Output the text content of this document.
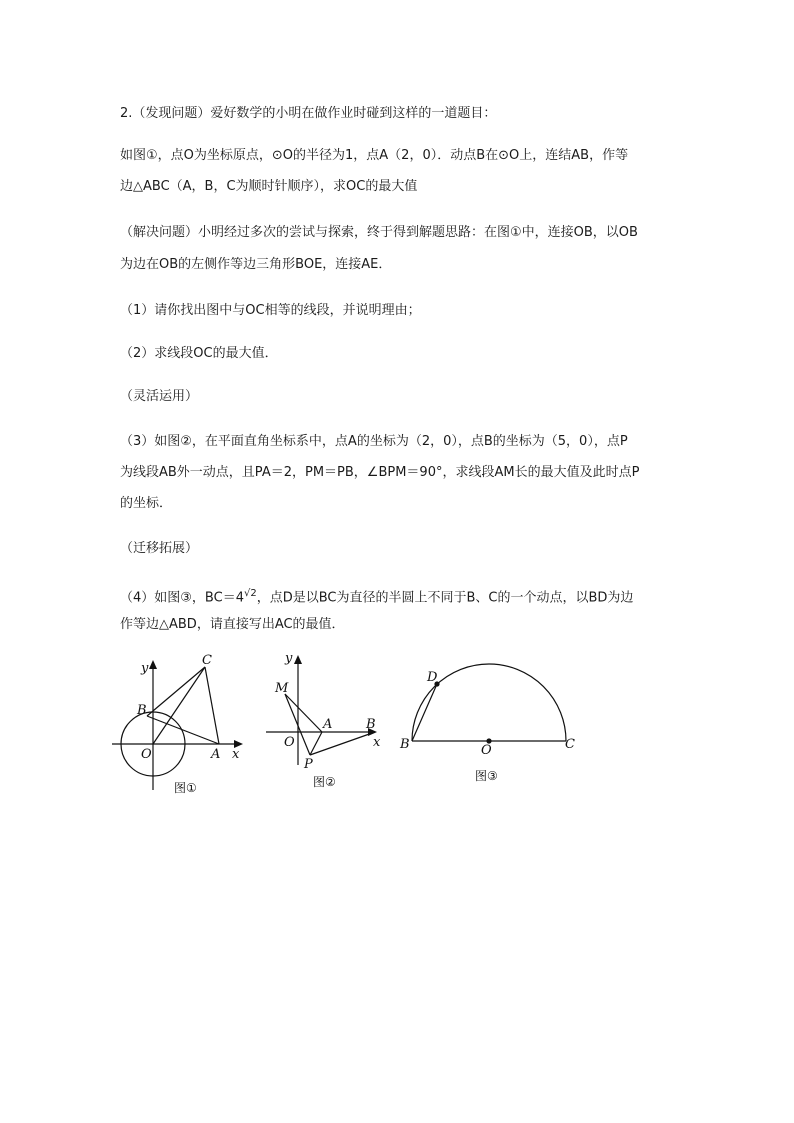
2.（发现问题）爱好数学的小明在做作业时碰到这样的一道题目：
如图①，点O为坐标原点，⊙O的半径为1，点A（2，0）．动点B在⊙O上，连结AB，作等
边△ABC（A，B，C为顺时针顺序），求OC的最大值
（解决问题）小明经过多次的尝试与探索，终于得到解题思路：在图①中，连接OB，以OB
为边在OB的左侧作等边三角形BOE，连接AE．
（1）请你找出图中与OC相等的线段，并说明理由；
（2）求线段OC的最大值．
（灵活运用）
（3）如图②，在平面直角坐标系中，点A的坐标为（2，0），点B的坐标为（5，0），点P
为线段AB外一动点，且PA＝2，PM＝PB，∠BPM＝90°，求线段AM长的最大值及此时点P
的坐标．
（迁移拓展）
（4）如图③，$BC=4^{√2}$，点D是以BC为直径的半圆上不同于B、C的一个动点，以BD为边
作等边△ABD，请直接写出AC的最值．
y
x
C
B
O	A
图①
y
x
M
A	B
O
P
图②
D
B	O	C
图③
